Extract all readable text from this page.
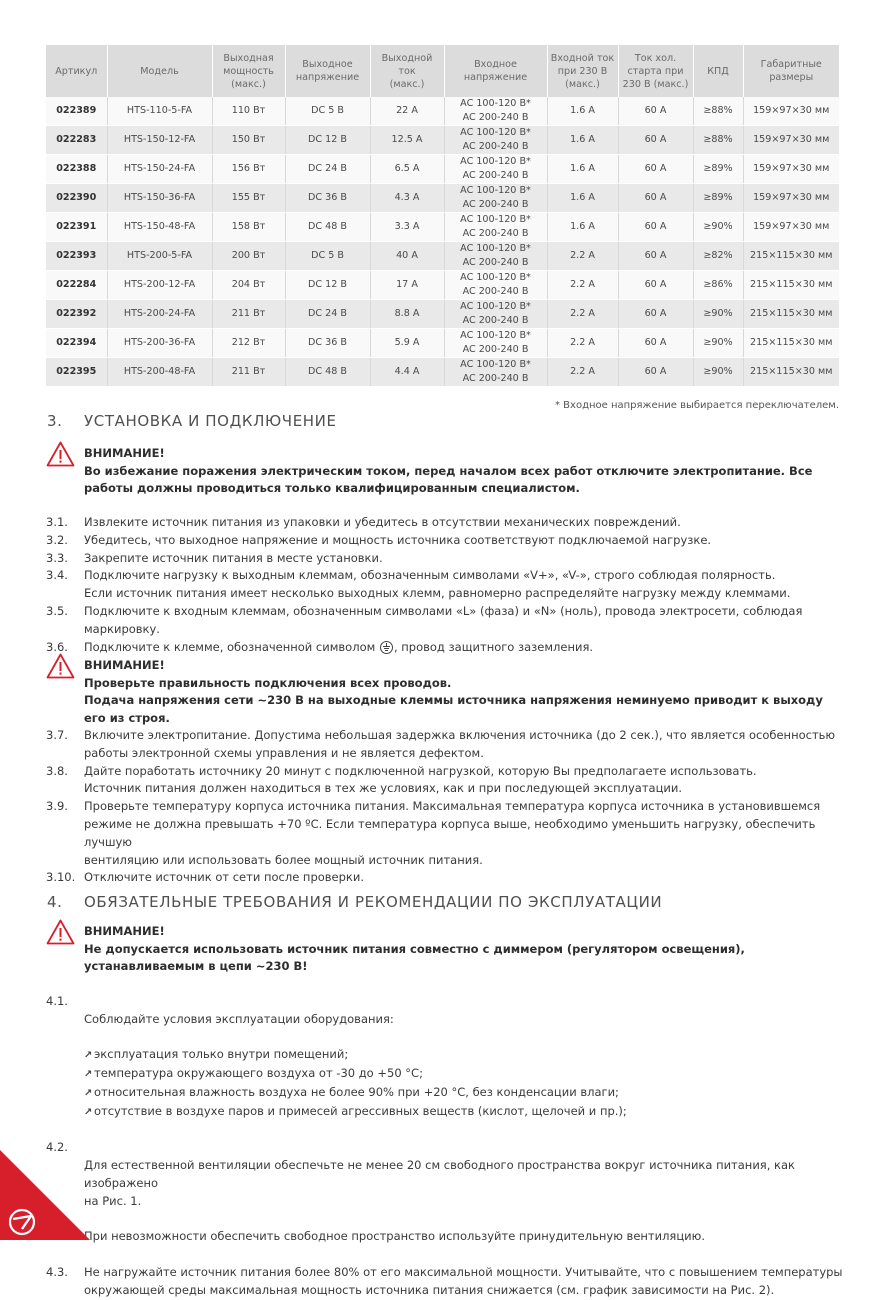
Артикул	Модель	Выходная
мощность
(макс.)	Выходное
напряжение	Выходной
ток
(макс.)	Входное
напряжение	Входной ток
при 230 В
(макс.)	Ток хол.
старта при
230 В (макс.)	КПД	Габаритные
размеры
022389	HTS-110-5-FA	110 Вт	DC 5 В	22 А	AC 100-120 В*
AC 200-240 В	1.6 А	60 А	≥88%	159×97×30 мм
022283	HTS-150-12-FA	150 Вт	DC 12 В	12.5 А	AC 100-120 В*
AC 200-240 В	1.6 А	60 А	≥88%	159×97×30 мм
022388	HTS-150-24-FA	156 Вт	DC 24 В	6.5 А	AC 100-120 В*
AC 200-240 В	1.6 А	60 А	≥89%	159×97×30 мм
022390	HTS-150-36-FA	155 Вт	DC 36 В	4.3 А	AC 100-120 В*
AC 200-240 В	1.6 А	60 А	≥89%	159×97×30 мм
022391	HTS-150-48-FA	158 Вт	DC 48 В	3.3 А	AC 100-120 В*
AC 200-240 В	1.6 А	60 А	≥90%	159×97×30 мм
022393	HTS-200-5-FA	200 Вт	DC 5 В	40 А	AC 100-120 В*
AC 200-240 В	2.2 А	60 А	≥82%	215×115×30 мм
022284	HTS-200-12-FA	204 Вт	DC 12 В	17 А	AC 100-120 В*
AC 200-240 В	2.2 А	60 А	≥86%	215×115×30 мм
022392	HTS-200-24-FA	211 Вт	DC 24 В	8.8 А	AC 100-120 В*
AC 200-240 В	2.2 А	60 А	≥90%	215×115×30 мм
022394	HTS-200-36-FA	212 Вт	DC 36 В	5.9 А	AC 100-120 В*
AC 200-240 В	2.2 А	60 А	≥90%	215×115×30 мм
022395	HTS-200-48-FA	211 Вт	DC 48 В	4.4 А	AC 100-120 В*
AC 200-240 В	2.2 А	60 А	≥90%	215×115×30 мм
* Входное напряжение выбирается переключателем.
3. УСТАНОВКА И ПОДКЛЮЧЕНИЕ
ВНИМАНИЕ!
Во избежание поражения электрическим током, перед началом всех работ отключите электропитание. Все работы должны проводиться только квалифицированным специалистом.
3.1.	Извлеките источник питания из упаковки и убедитесь в отсутствии механических повреждений.
3.2.	Убедитесь, что выходное напряжение и мощность источника соответствуют подключаемой нагрузке.
3.3.	Закрепите источник питания в месте установки.
3.4.	Подключите нагрузку к выходным клеммам, обозначенным символами «V+», «V-», строго соблюдая полярность.
Если источник питания имеет несколько выходных клемм, равномерно распределяйте нагрузку между клеммами.
3.5.	Подключите к входным клеммам, обозначенным символами «L» (фаза) и «N» (ноль), провода электросети, соблюдая маркировку.
3.6.	Подключите к клемме, обозначенной символом
, провод защитного заземления.
ВНИМАНИЕ!
Проверьте правильность подключения всех проводов.
Подача напряжения сети ~230 В на выходные клеммы источника напряжения неминуемо приводит к выходу его из строя.
3.7.	Включите электропитание. Допустима небольшая задержка включения источника (до 2 сек.), что является особенностью
работы электронной схемы управления и не является дефектом.
3.8.	Дайте поработать источнику 20 минут с подключенной нагрузкой, которую Вы предполагаете использовать.
Источник питания должен находиться в тех же условиях, как и при последующей эксплуатации.
3.9.	Проверьте температуру корпуса источника питания. Максимальная температура корпуса источника в установившемся
режиме не должна превышать +70 ºС. Если температура корпуса выше, необходимо уменьшить нагрузку, обеспечить лучшую
вентиляцию или использовать более мощный источник питания.
3.10. Отключите источник от сети после проверки.
4. ОБЯЗАТЕЛЬНЫЕ ТРЕБОВАНИЯ И РЕКОМЕНДАЦИИ ПО ЭКСПЛУАТАЦИИ
ВНИМАНИЕ!
Не допускается использовать источник питания совместно с диммером (регулятором освещения), устанавливаемым в цепи ~230 В!
4.1.

Соблюдайте условия эксплуатации оборудования:

↗ эксплуатация только внутри помещений;
↗ температура окружающего воздуха от -30 до +50 °С;
↗ относительная влажность воздуха не более 90% при +20 °С, без конденсации влаги;
↗ отсутствие в воздухе паров и примесей агрессивных веществ (кислот, щелочей и пр.);

4.2.

Для естественной вентиляции обеспечьте не менее 20 см свободного пространства вокруг источника питания, как изображено
на Рис. 1.

При невозможности обеспечить свободное пространство используйте принудительную вентиляцию.

4.3.	Не нагружайте источник питания более 80% от его максимальной мощности. Учитывайте, что с повышением температуры
окружающей среды максимальная мощность источника питания снижается (см. график зависимости на Рис. 2).
